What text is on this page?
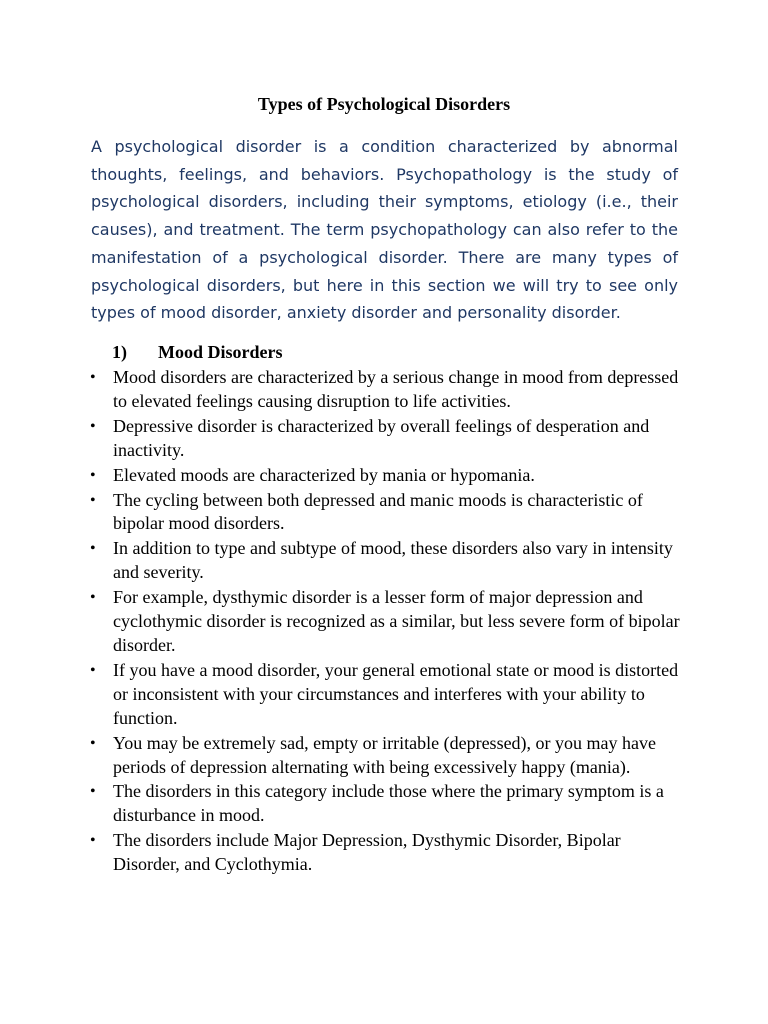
Types of Psychological Disorders

A psychological disorder is a condition characterized by abnormal thoughts, feelings, and behaviors. Psychopathology is the study of psychological disorders, including their symptoms, etiology (i.e., their causes), and treatment. The term psychopathology can also refer to the manifestation of a psychological disorder. There are many types of psychological disorders, but here in this section we will try to see only types of mood disorder, anxiety disorder and personality disorder.

1) Mood Disorders
• Mood disorders are characterized by a serious change in mood from depressed to elevated feelings causing disruption to life activities.
• Depressive disorder is characterized by overall feelings of desperation and inactivity.
• Elevated moods are characterized by mania or hypomania.
• The cycling between both depressed and manic moods is characteristic of bipolar mood disorders.
• In addition to type and subtype of mood, these disorders also vary in intensity and severity.
• For example, dysthymic disorder is a lesser form of major depression and cyclothymic disorder is recognized as a similar, but less severe form of bipolar disorder.
• If you have a mood disorder, your general emotional state or mood is distorted or inconsistent with your circumstances and interferes with your ability to function.
• You may be extremely sad, empty or irritable (depressed), or you may have periods of depression alternating with being excessively happy (mania).
• The disorders in this category include those where the primary symptom is a disturbance in mood.
• The disorders include Major Depression, Dysthymic Disorder, Bipolar Disorder, and Cyclothymia.
